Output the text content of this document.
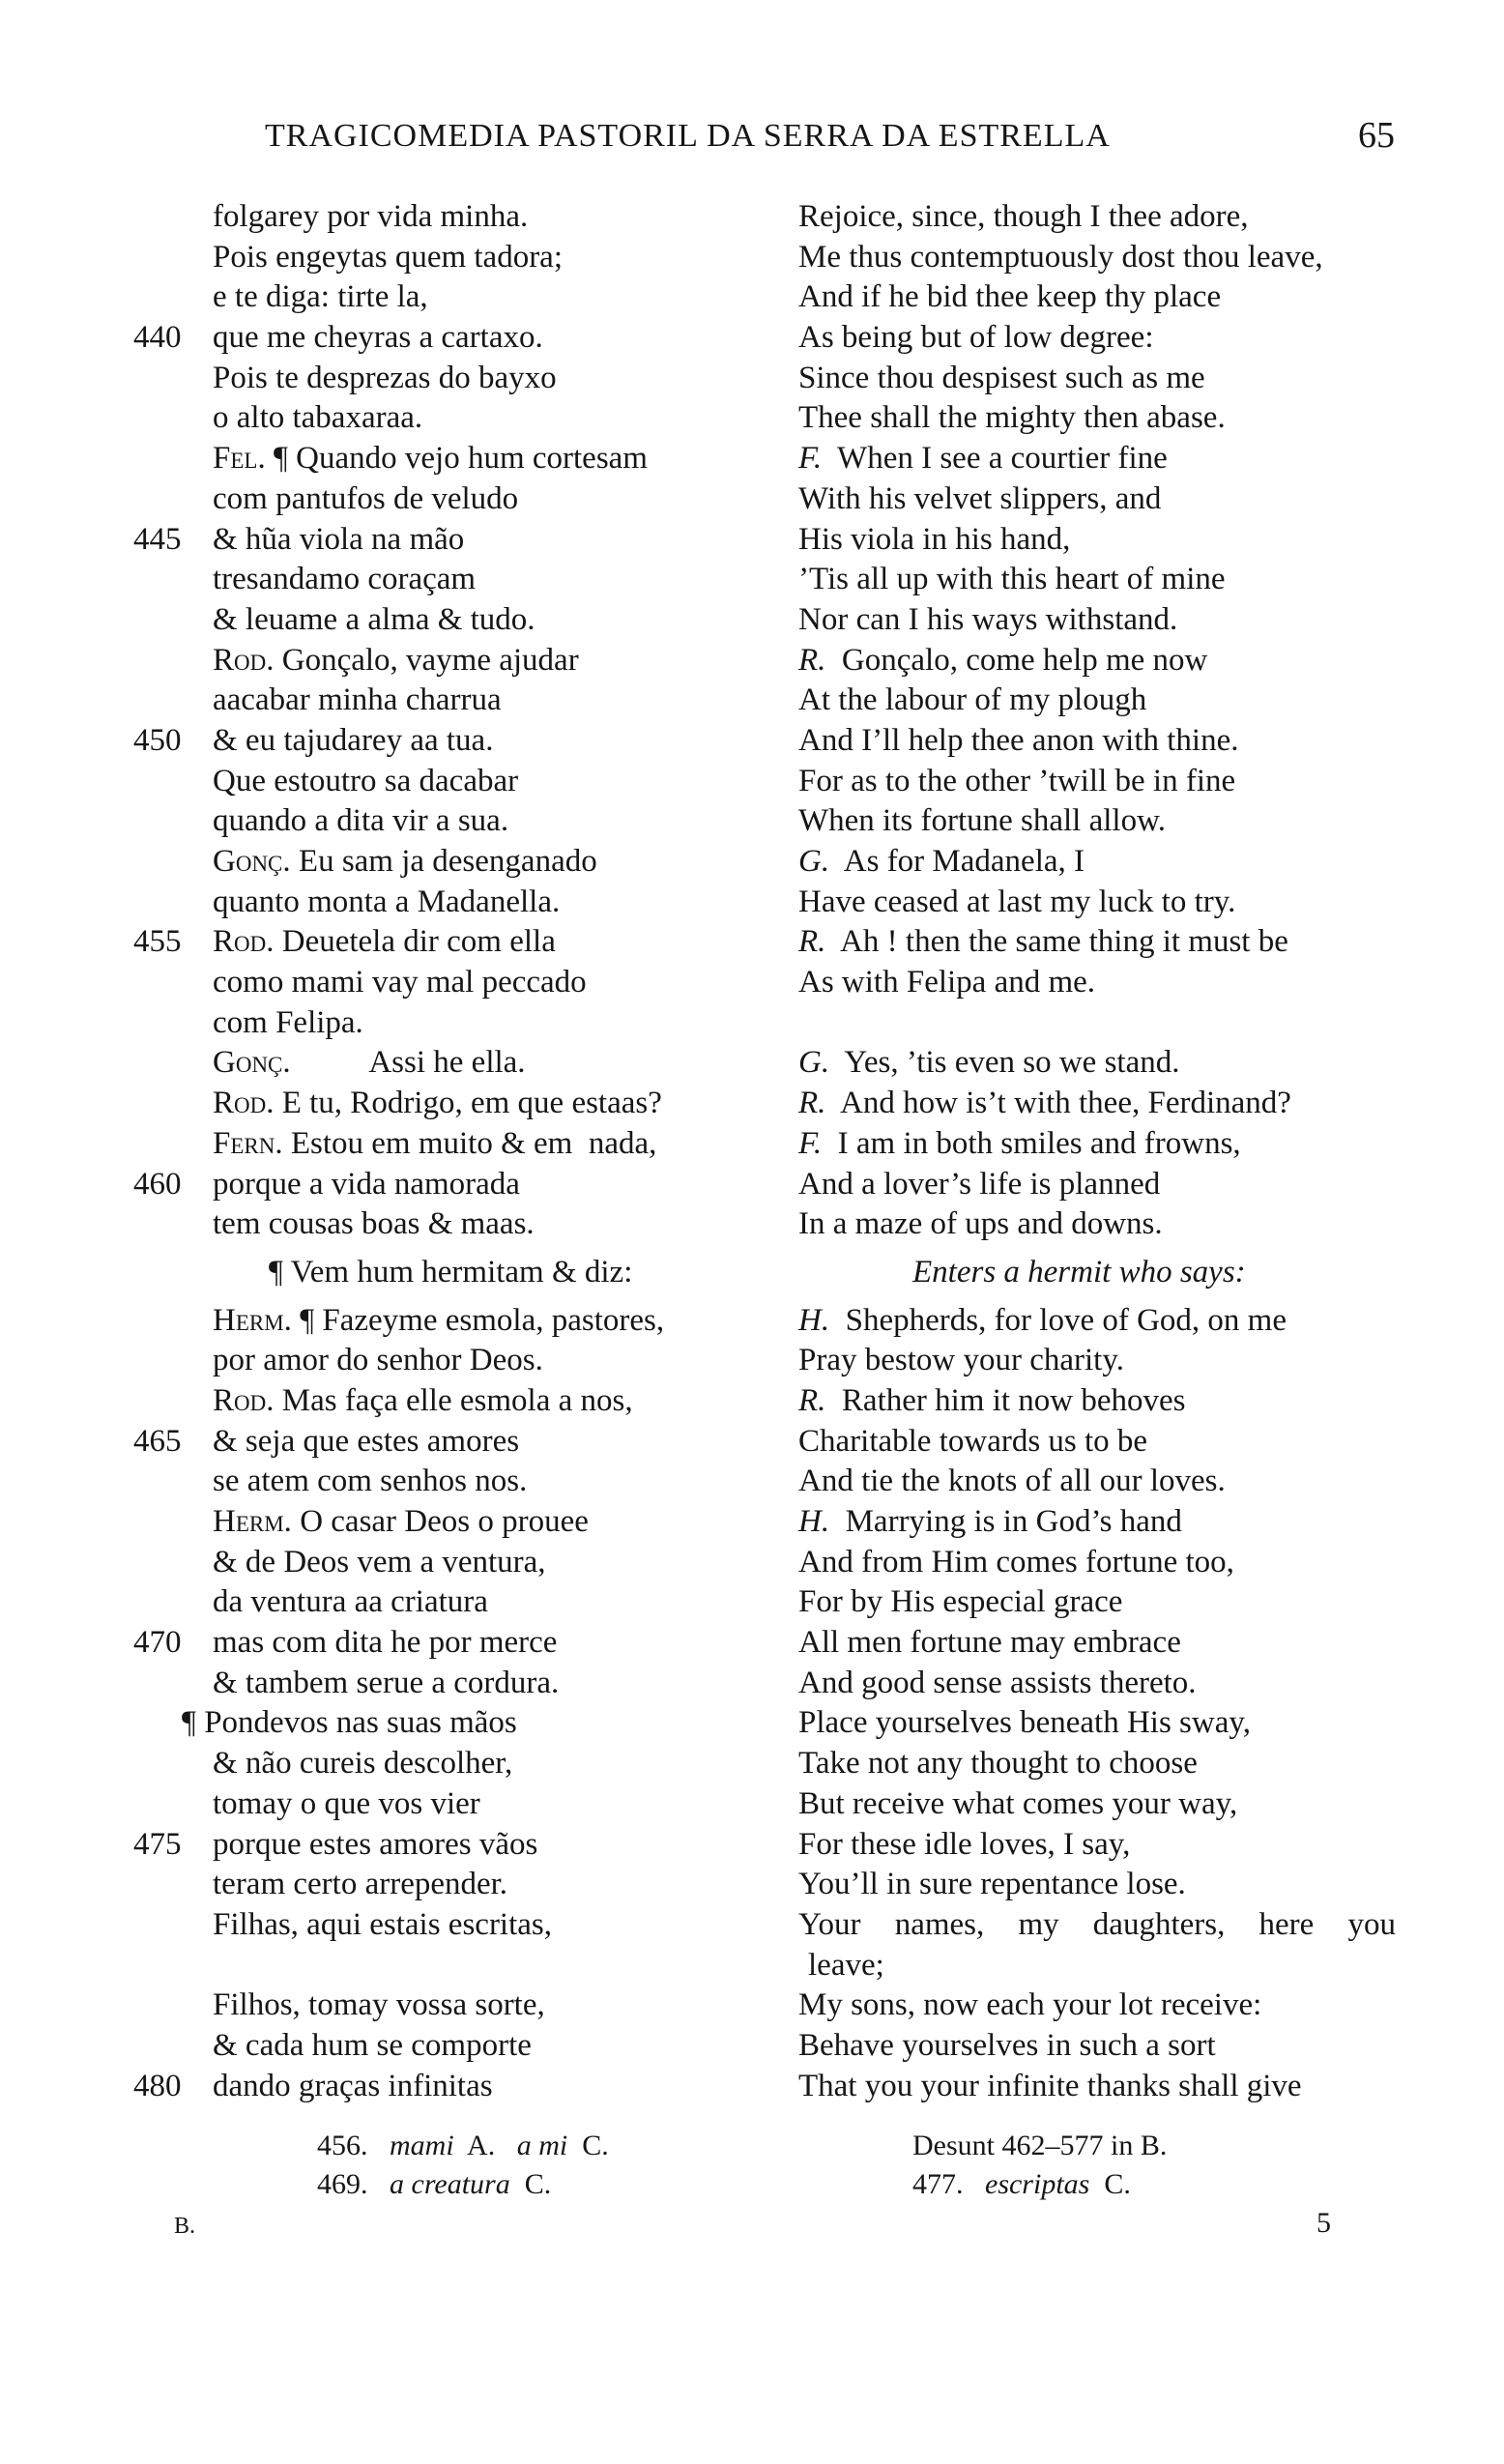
TRAGICOMEDIA PASTORIL DA SERRA DA ESTRELLA	65
folgarey por vida minha.
Pois engeytas quem tadora;
e te diga: tirte la,
440 que me cheyras a cartaxo.
Pois te desprezas do bayxo
o alto tabaxaraa.
Fel. ¶ Quando vejo hum cortesam
com pantufos de veludo
445 & hũa viola na mão
tresandamo coraçam
& leuame a alma & tudo.
Rod. Gonçalo, vayme ajudar
aacabar minha charrua
450 & eu tajudarey aa tua.
Que estoutro sa dacabar
quando a dita vir a sua.
Gonç. Eu sam ja desenganado
quanto monta a Madanella.
455 Rod. Deuetela dir com ella
como mami vay mal peccado
com Felipa.
Gonç.          Assi he ella.
Rod. E tu, Rodrigo, em que estaas?
Fern. Estou em muito & em  nada,
460 porque a vida namorada
tem cousas boas & maas.
¶ Vem hum hermitam & diz:
Herm. ¶ Fazeyme esmola, pastores,
por amor do senhor Deos.
Rod. Mas faça elle esmola a nos,
465 & seja que estes amores
se atem com senhos nos.
Herm. O casar Deos o prouee
& de Deos vem a ventura,
da ventura aa criatura
470 mas com dita he por merce
& tambem serue a cordura.
¶ Pondevos nas suas mãos
& não cureis descolher,
tomay o que vos vier
475 porque estes amores vãos
teram certo arrepender.
Filhas, aqui estais escritas,
Filhos, tomay vossa sorte,
& cada hum se comporte
480 dando graças infinitas
Rejoice, since, though I thee adore,
Me thus contemptuously dost thou leave,
And if he bid thee keep thy place
As being but of low degree:
Since thou despisest such as me
Thee shall the mighty then abase.
F.  When I see a courtier fine
With his velvet slippers, and
His viola in his hand,
’Tis all up with this heart of mine
Nor can I his ways withstand.
R.  Gonçalo, come help me now
At the labour of my plough
And I’ll help thee anon with thine.
For as to the other ’twill be in fine
When its fortune shall allow.
G.  As for Madanela, I
Have ceased at last my luck to try.
R.  Ah ! then the same thing it must be
As with Felipa and me.
G.  Yes, ’tis even so we stand.
R.  And how is’t with thee, Ferdinand?
F.  I am in both smiles and frowns,
And a lover’s life is planned
In a maze of ups and downs.
Enters a hermit who says:
H.  Shepherds, for love of God, on me
Pray bestow your charity.
R.  Rather him it now behoves
Charitable towards us to be
And tie the knots of all our loves.
H.  Marrying is in God’s hand
And from Him comes fortune too,
For by His especial grace
All men fortune may embrace
And good sense assists thereto.
Place yourselves beneath His sway,
Take not any thought to choose
But receive what comes your way,
For these idle loves, I say,
You’ll in sure repentance lose.
Your names, my daughters, here you
leave;
My sons, now each your lot receive:
Behave yourselves in such a sort
That you your infinite thanks shall give
456. mami A. a mi C.
469. a creatura C.
Desunt 462–577 in B.
477. escriptas C.
B.	5
